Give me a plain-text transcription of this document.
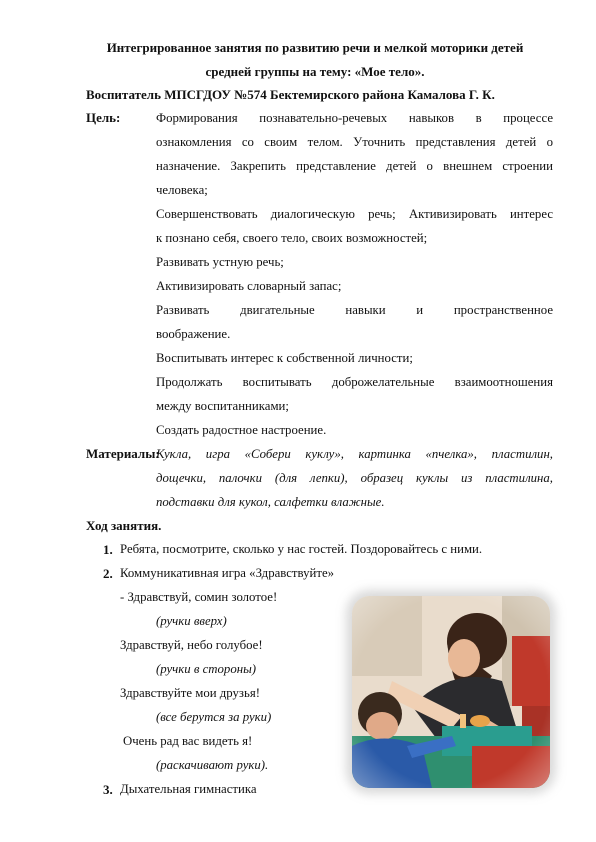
Интегрированное занятия по развитию речи и мелкой моторики детей
средней группы на тему: «Мое тело».
Воспитатель МПСГДОУ №574 Бектемирского района Камалова Г. К.
Цель:	Формирования познавательно-речевых навыков в процессе
ознакомления со своим телом. Уточнить представления детей о
назначение. Закрепить представление детей о внешнем строении
человека;
Совершенствовать диалогическую речь; Активизировать интерес
к познано себя, своего тело, своих возможностей;
Развивать устную речь;
Активизировать словарный запас;
Развивать двигательные навыки и пространственное
воображение.
Воспитывать интерес к собственной личности;
Продолжать воспитывать доброжелательные взаимоотношения
между воспитанниками;
Создать радостное настроение.
Материалы:
Кукла, игра «Собери куклу», картинка «пчелка», пластилин,
дощечки, палочки (для лепки), образец куклы из пластилина,
подставки для кукол, салфетки влажные.
Ход занятия.
1. Ребята, посмотрите, сколько у нас гостей. Поздоровайтесь с ними.
2. Коммуникативная игра «Здравствуйте»
- Здравствуй, сомин золотое!
(ручки вверх)
Здравствуй, небо голубое!
(ручки в стороны)
Здравствуйте мои друзья!
(все берутся за руки)
Очень рад вас видеть я!
(раскачивают руки).
3. Дыхательная гимнастика
